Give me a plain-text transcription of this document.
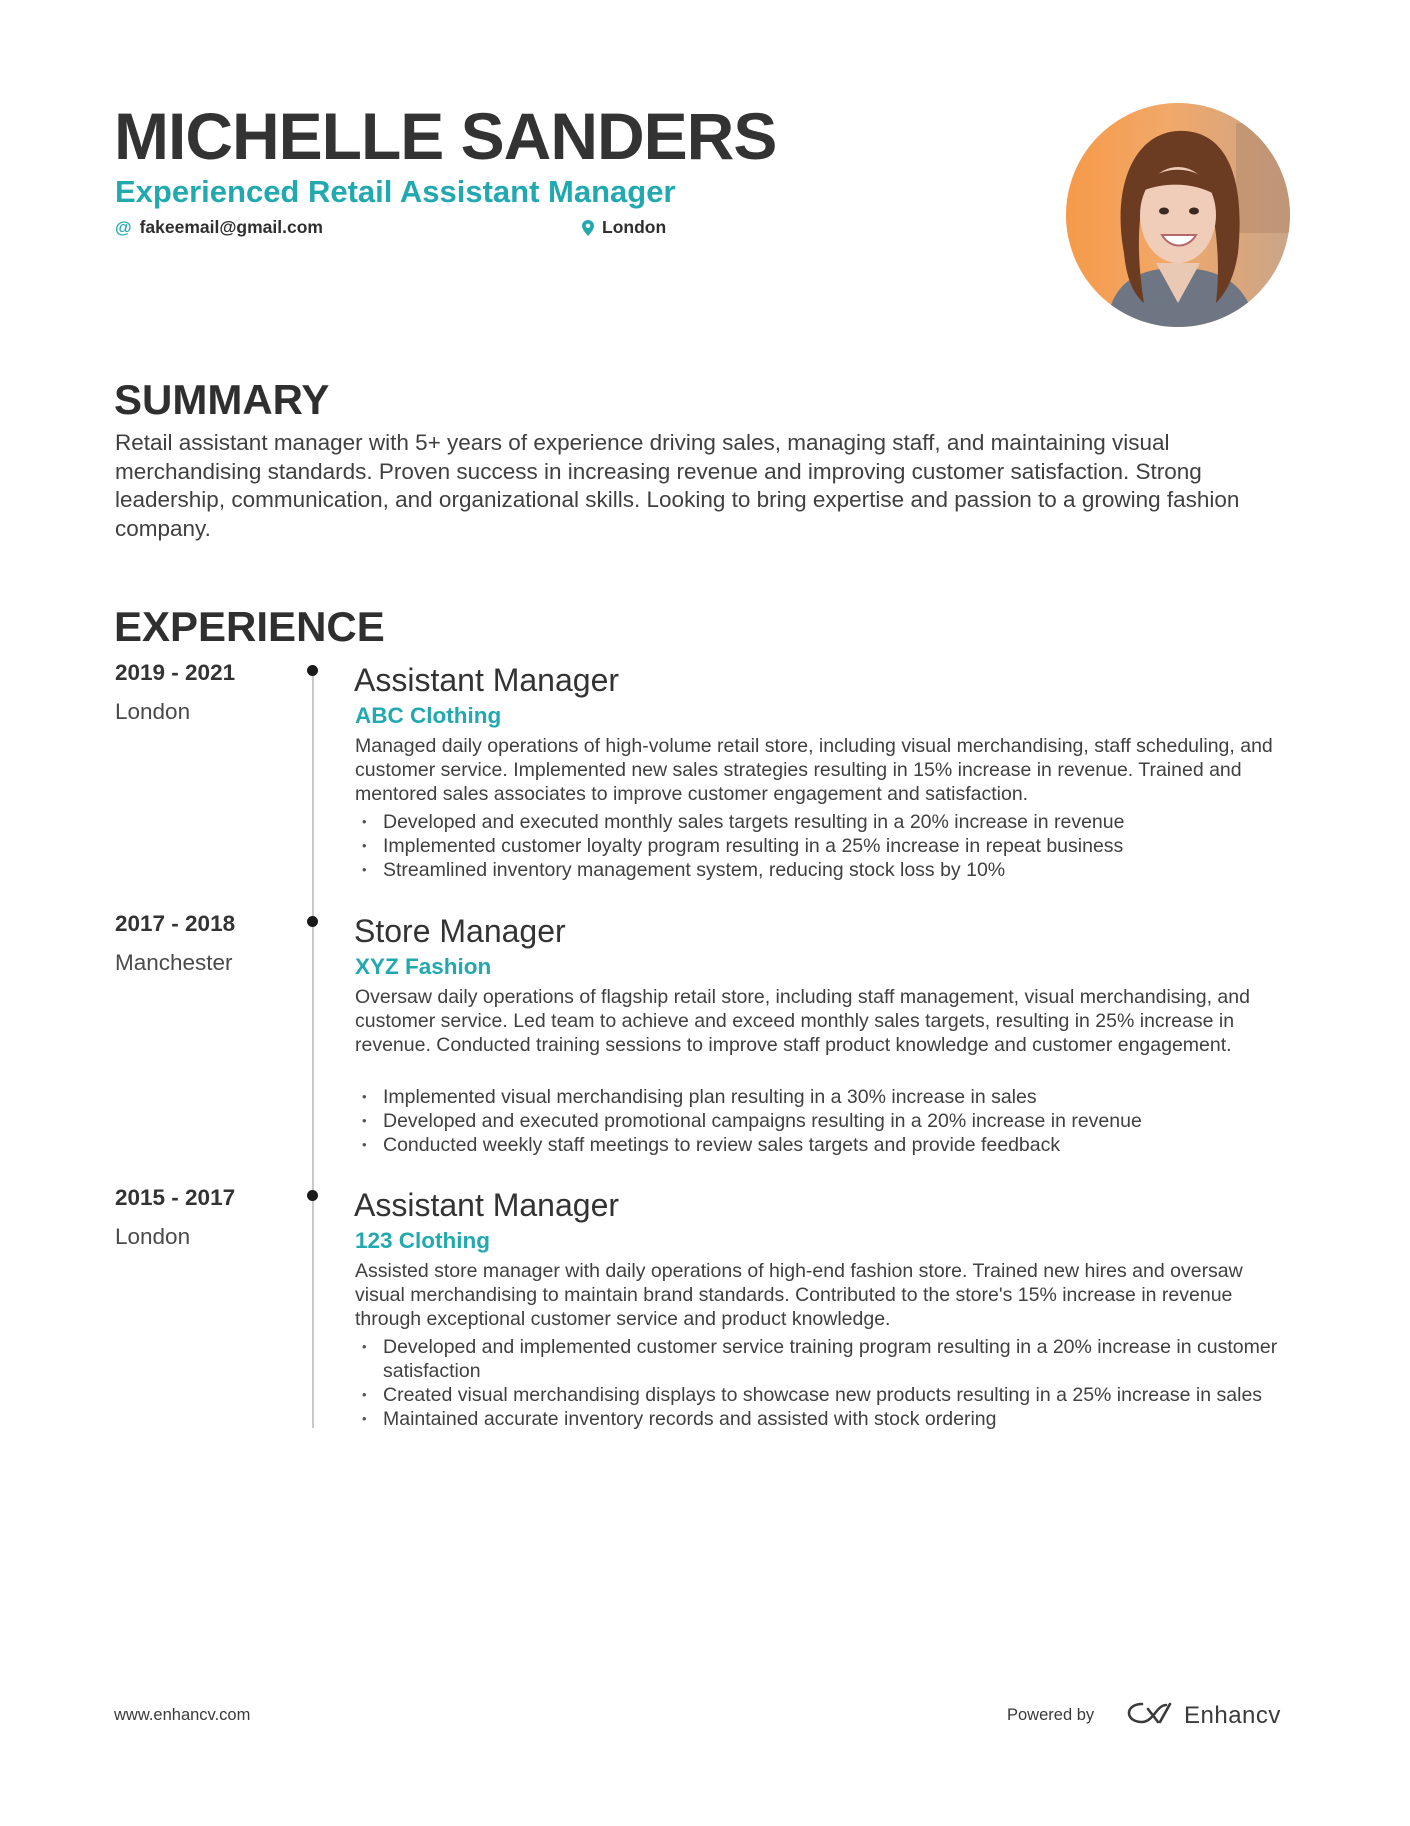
MICHELLE SANDERS
Experienced Retail Assistant Manager
@ fakeemail@gmail.com	London
SUMMARY

Retail assistant manager with 5+ years of experience driving sales, managing staff, and maintaining visual merchandising standards. Proven success in increasing revenue and improving customer satisfaction. Strong leadership, communication, and organizational skills. Looking to bring expertise and passion to a growing fashion company.

EXPERIENCE
2019 - 2021
London
Assistant Manager
ABC Clothing

Managed daily operations of high-volume retail store, including visual merchandising, staff scheduling, and customer service. Implemented new sales strategies resulting in 15% increase in revenue. Trained and mentored sales associates to improve customer engagement and satisfaction.

• Developed and executed monthly sales targets resulting in a 20% increase in revenue
• Implemented customer loyalty program resulting in a 25% increase in repeat business
• Streamlined inventory management system, reducing stock loss by 10%
2017 - 2018
Manchester
Store Manager
XYZ Fashion

Oversaw daily operations of flagship retail store, including staff management, visual merchandising, and customer service. Led team to achieve and exceed monthly sales targets, resulting in 25% increase in revenue. Conducted training sessions to improve staff product knowledge and customer engagement.

• Implemented visual merchandising plan resulting in a 30% increase in sales
• Developed and executed promotional campaigns resulting in a 20% increase in revenue
• Conducted weekly staff meetings to review sales targets and provide feedback
2015 - 2017
London
Assistant Manager
123 Clothing

Assisted store manager with daily operations of high-end fashion store. Trained new hires and oversaw visual merchandising to maintain brand standards. Contributed to the store's 15% increase in revenue through exceptional customer service and product knowledge.

• Developed and implemented customer service training program resulting in a 20% increase in customer satisfaction
• Created visual merchandising displays to showcase new products resulting in a 25% increase in sales
• Maintained accurate inventory records and assisted with stock ordering
www.enhancv.com	Powered by	Enhancv
